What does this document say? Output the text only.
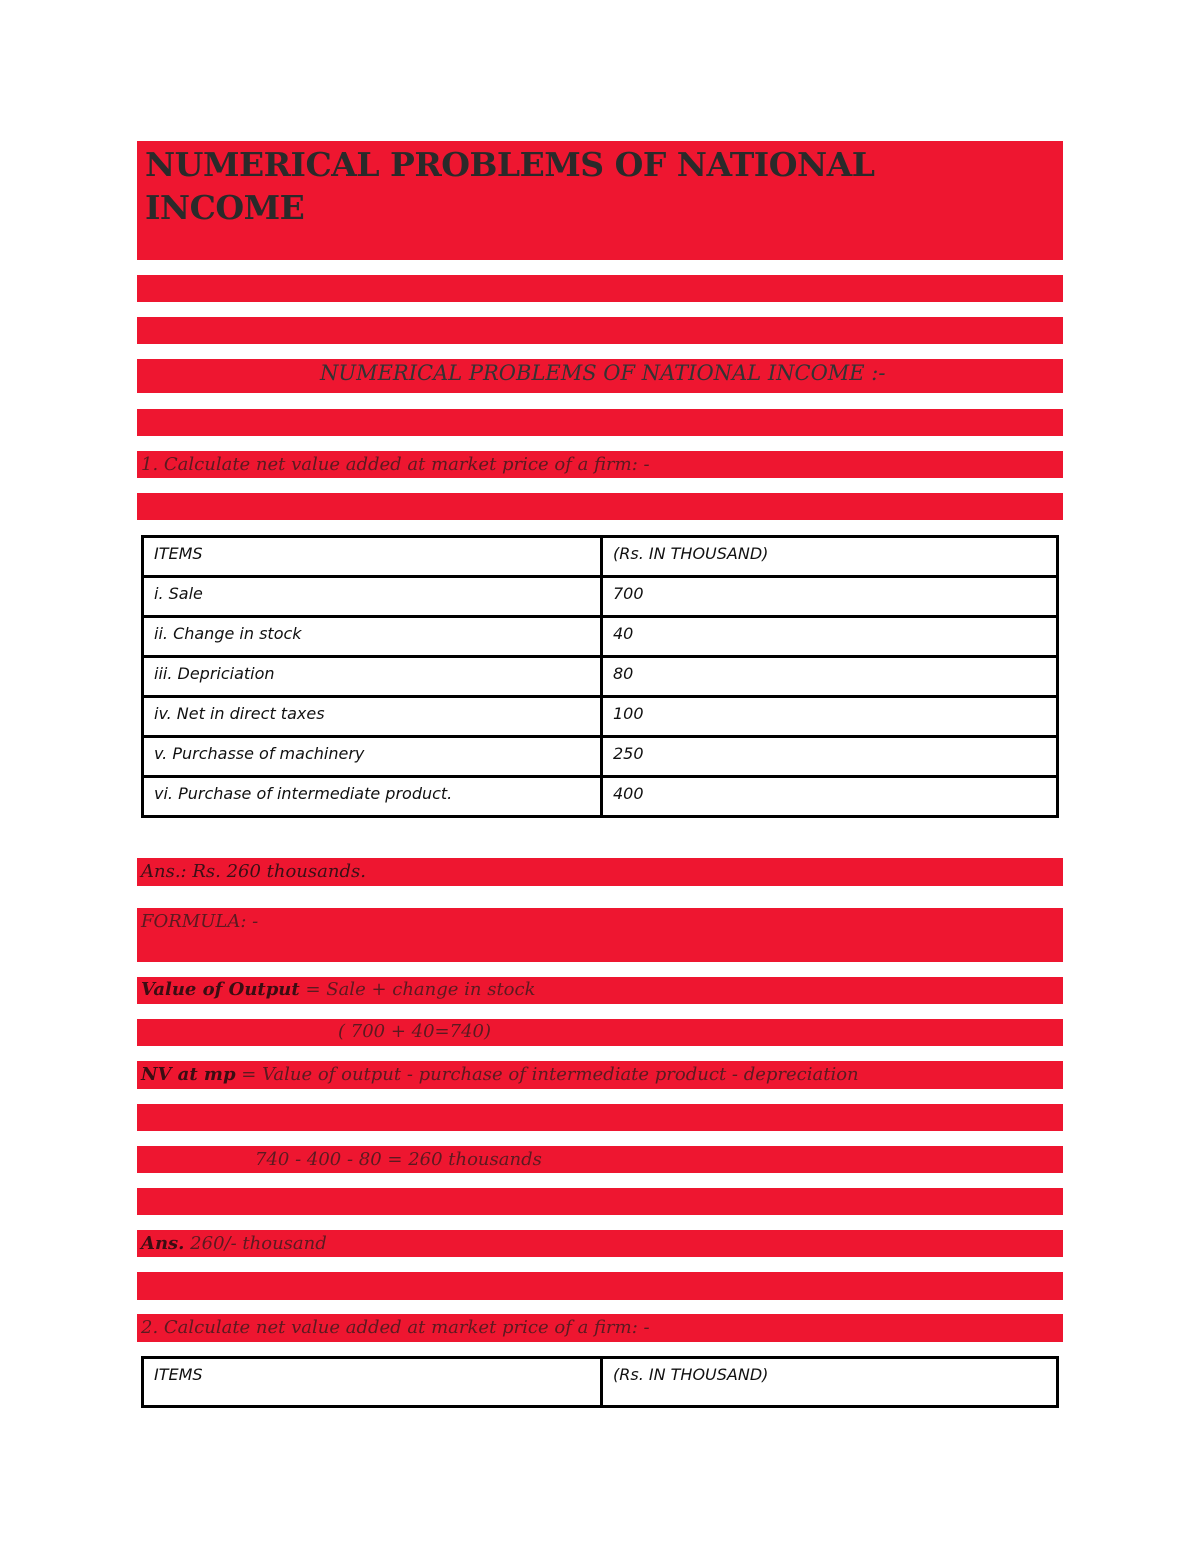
NUMERICAL PROBLEMS OF NATIONAL INCOME
NUMERICAL PROBLEMS OF NATIONAL INCOME :-
1. Calculate net value added at market price of a firm: -
ITEMS	(Rs. IN THOUSAND)
i. Sale	700
ii. Change in stock	40
iii. Depriciation	80
iv. Net in direct taxes	100
v. Purchasse of machinery	250
vi. Purchase of intermediate product.	400
Ans.: Rs. 260 thousands.
FORMULA: -
Value of Output = Sale + change in stock
( 700 + 40=740)
NV at mp = Value of output - purchase of intermediate product - depreciation
740 - 400 - 80 = 260 thousands
Ans. 260/- thousand
2. Calculate net value added at market price of a firm: -
ITEMS	(Rs. IN THOUSAND)
